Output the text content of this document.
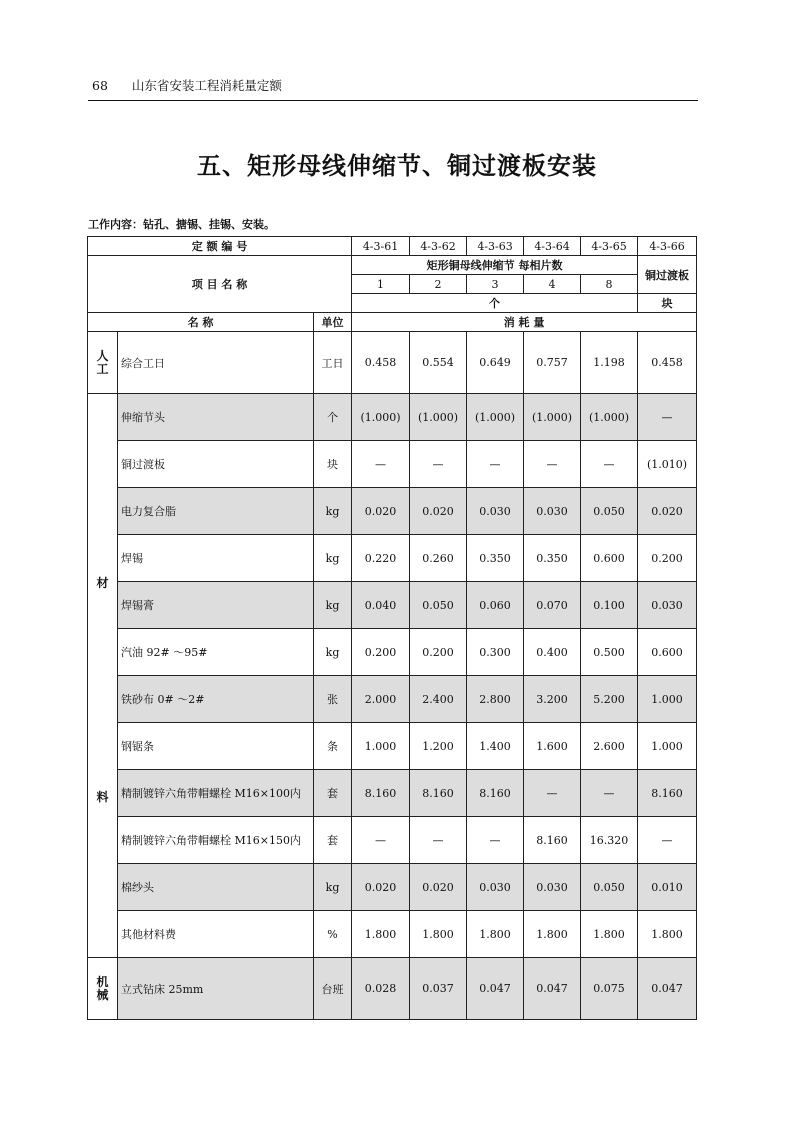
68 山东省安装工程消耗量定额
五、矩形母线伸缩节、铜过渡板安装
工作内容：钻孔、搪锡、挂锡、安装。
定 额 编 号			4-3-61	4-3-62	4-3-63	4-3-64	4-3-65	4-3-66
项 目 名 称			矩形铜母线伸缩节 每相片数					铜过渡板
			1	2	3	4	8	
			个					块
名 称		单位	消 耗 量					
人工	综合工日	工日	0.458	0.554	0.649	0.757	1.198	0.458

材
料	伸缩节头	个	(1.000)	(1.000)	(1.000)	(1.000)	(1.000)	—
	铜过渡板	块	—	—	—	—	—	(1.010)
	电力复合脂	kg	0.020	0.020	0.030	0.030	0.050	0.020
	焊锡	kg	0.220	0.260	0.350	0.350	0.600	0.200
	焊锡膏	kg	0.040	0.050	0.060	0.070	0.100	0.030
	汽油 92# ～95#	kg	0.200	0.200	0.300	0.400	0.500	0.600
	铁砂布 0# ～2#	张	2.000	2.400	2.800	3.200	5.200	1.000
	钢锯条	条	1.000	1.200	1.400	1.600	2.600	1.000
	精制镀锌六角带帽螺栓 M16×100内	套	8.160	8.160	8.160	—	—	8.160
	精制镀锌六角带帽螺栓 M16×150内	套	—	—	—	8.160	16.320	—
	棉纱头	kg	0.020	0.020	0.030	0.030	0.050	0.010
	其他材料费	%	1.800	1.800	1.800	1.800	1.800	1.800
机械	立式钻床 25mm	台班	0.028	0.037	0.047	0.047	0.075	0.047
